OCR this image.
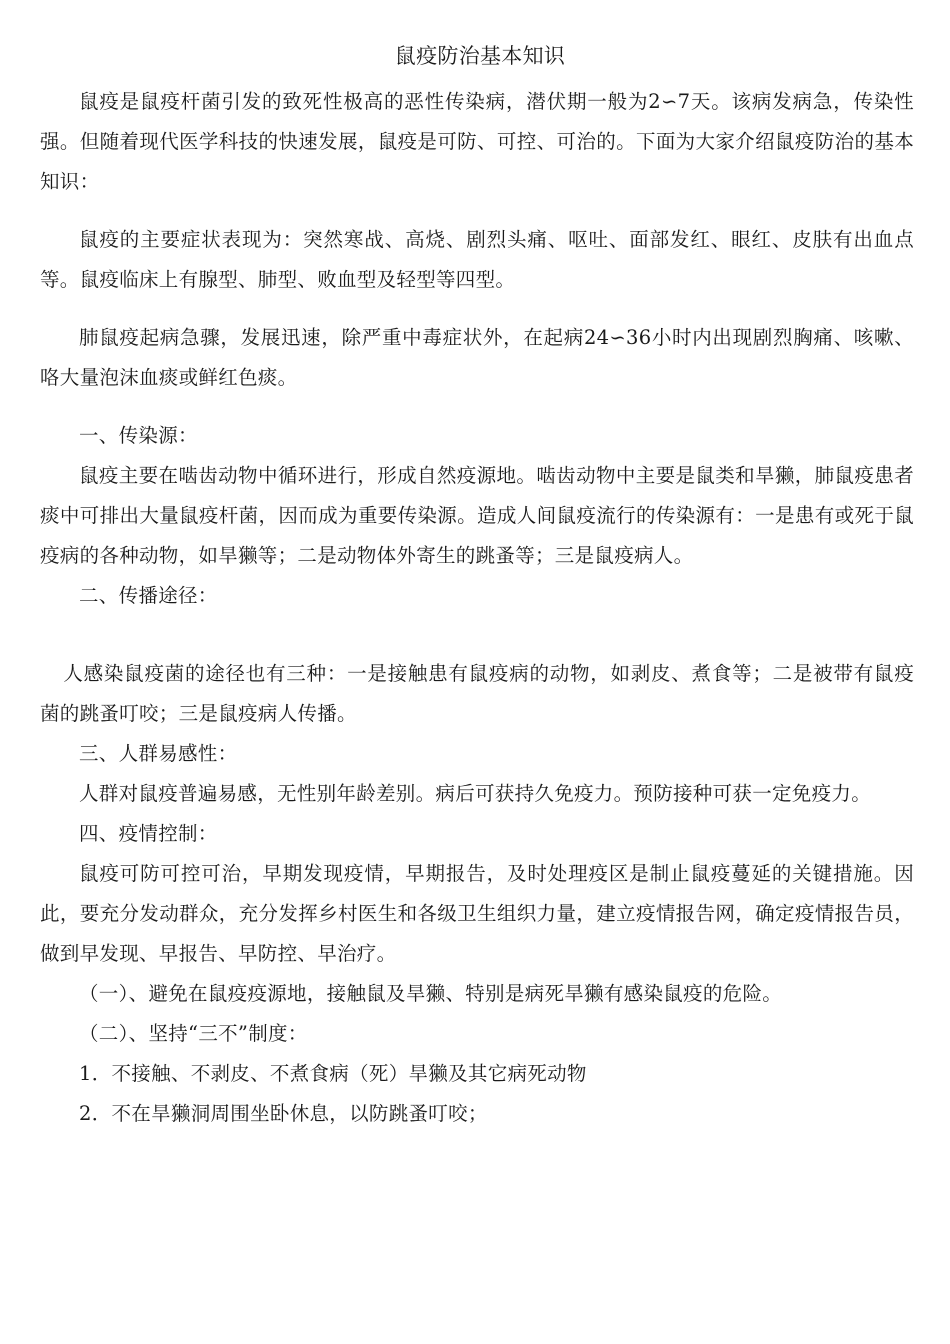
鼠疫防治基本知识

鼠疫是鼠疫杆菌引发的致死性极高的恶性传染病，潜伏期一般为2∽7天。该病发病急，传染性强。但随着现代医学科技的快速发展，鼠疫是可防、可控、可治的。下面为大家介绍鼠疫防治的基本知识：

鼠疫的主要症状表现为：突然寒战、高烧、剧烈头痛、呕吐、面部发红、眼红、皮肤有出血点等。鼠疫临床上有腺型、肺型、败血型及轻型等四型。

肺鼠疫起病急骤，发展迅速，除严重中毒症状外，在起病24∽36小时内出现剧烈胸痛、咳嗽、咯大量泡沫血痰或鲜红色痰。

一、传染源：

鼠疫主要在啮齿动物中循环进行，形成自然疫源地。啮齿动物中主要是鼠类和旱獭，肺鼠疫患者痰中可排出大量鼠疫杆菌，因而成为重要传染源。造成人间鼠疫流行的传染源有：一是患有或死于鼠疫病的各种动物，如旱獭等；二是动物体外寄生的跳蚤等；三是鼠疫病人。

二、传播途径：

人感染鼠疫菌的途径也有三种：一是接触患有鼠疫病的动物，如剥皮、煮食等；二是被带有鼠疫菌的跳蚤叮咬；三是鼠疫病人传播。

三、人群易感性：

人群对鼠疫普遍易感，无性别年龄差别。病后可获持久免疫力。预防接种可获一定免疫力。

四、疫情控制：

鼠疫可防可控可治，早期发现疫情，早期报告，及时处理疫区是制止鼠疫蔓延的关键措施。因此，要充分发动群众，充分发挥乡村医生和各级卫生组织力量，建立疫情报告网，确定疫情报告员，做到早发现、早报告、早防控、早治疗。

（一）、避免在鼠疫疫源地，接触鼠及旱獭、特别是病死旱獭有感染鼠疫的危险。
（二）、坚持“三不”制度：
1．不接触、不剥皮、不煮食病（死）旱獭及其它病死动物
2．不在旱獭洞周围坐卧休息，以防跳蚤叮咬；
